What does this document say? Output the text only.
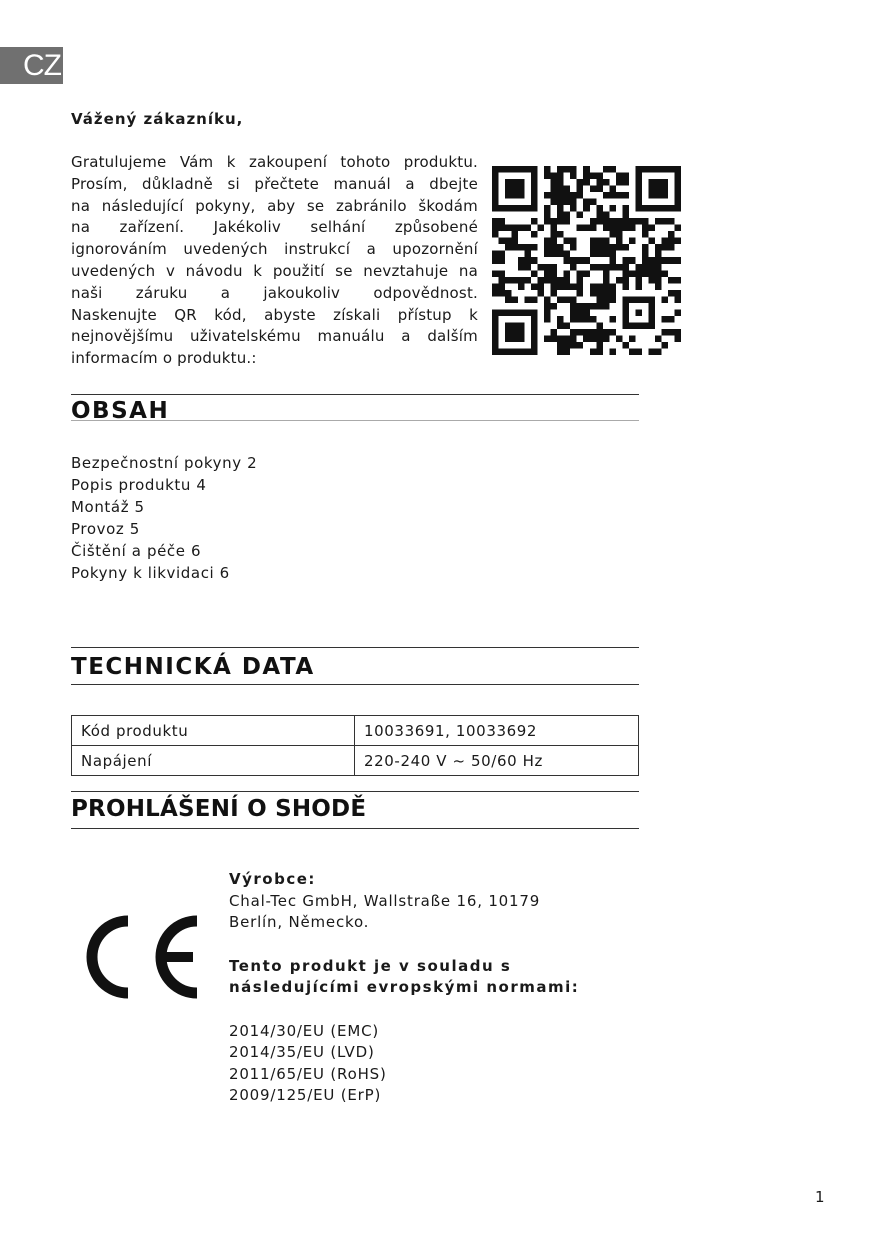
CZ
Vážený zákazníku,
Gratulujeme Vám k zakoupení tohoto produktu.
Prosím, důkladně si přečtete manuál a dbejte
na následující pokyny, aby se zabránilo škodám
na zařízení. Jakékoliv selhání způsobené
ignorováním uvedených instrukcí a upozornění
uvedených v návodu k použití se nevztahuje na
naši záruku a jakoukoliv odpovědnost.
Naskenujte QR kód, abyste získali přístup k
nejnovějšímu uživatelskému manuálu a dalším
informacím o produktu.:
OBSAH
Bezpečnostní pokyny 2
Popis produktu 4
Montáž 5
Provoz 5
Čištění a péče 6
Pokyny k likvidaci 6
TECHNICKÁ DATA
Kód produktu	10033691, 10033692
Napájení	220-240 V ~ 50/60 Hz
PROHLÁŠENÍ O SHODĚ
Výrobce:
Chal-Tec GmbH, Wallstraße 16, 10179
Berlín, Německo.
Tento produkt je v souladu s
následujícími evropskými normami:
2014/30/EU (EMC)
2014/35/EU (LVD)
2011/65/EU (RoHS)
2009/125/EU (ErP)
1
